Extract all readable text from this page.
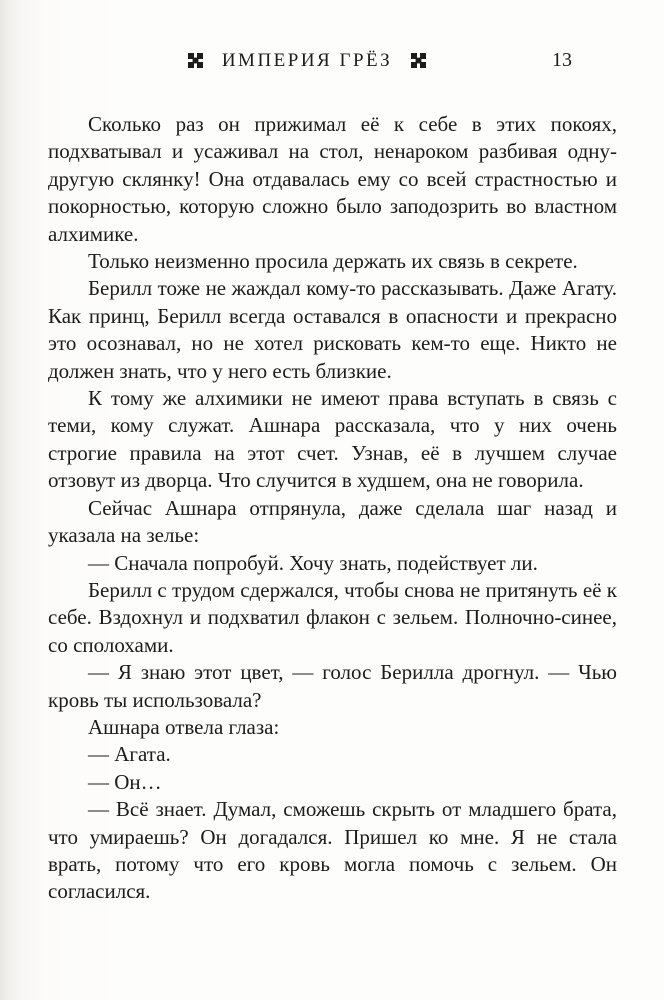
ИМПЕРИЯ ГРЁЗ	13

Сколько раз он прижимал её к себе в этих покоях, подхватывал и усаживал на стол, ненароком разбивая одну-другую склянку! Она отдавалась ему со всей страстностью и покорностью, которую сложно было заподозрить во властном алхимике.

Только неизменно просила держать их связь в секрете.

Берилл тоже не жаждал кому-то рассказывать. Даже Агату. Как принц, Берилл всегда оставался в опасности и прекрасно это осознавал, но не хотел рисковать кем-то еще. Никто не должен знать, что у него есть близкие.

К тому же алхимики не имеют права вступать в связь с теми, кому служат. Ашнара рассказала, что у них очень строгие правила на этот счет. Узнав, её в лучшем случае отзовут из дворца. Что случится в худшем, она не говорила.

Сейчас Ашнара отпрянула, даже сделала шаг назад и указала на зелье:

— Сначала попробуй. Хочу знать, подействует ли.

Берилл с трудом сдержался, чтобы снова не притянуть её к себе. Вздохнул и подхватил флакон с зельем. Полночно-синее, со сполохами.

— Я знаю этот цвет, — голос Берилла дрогнул. — Чью кровь ты использовала?

Ашнара отвела глаза:

— Агата.

— Он…

— Всё знает. Думал, сможешь скрыть от младшего брата, что умираешь? Он догадался. Пришел ко мне. Я не стала врать, потому что его кровь могла помочь с зельем. Он согласился.
